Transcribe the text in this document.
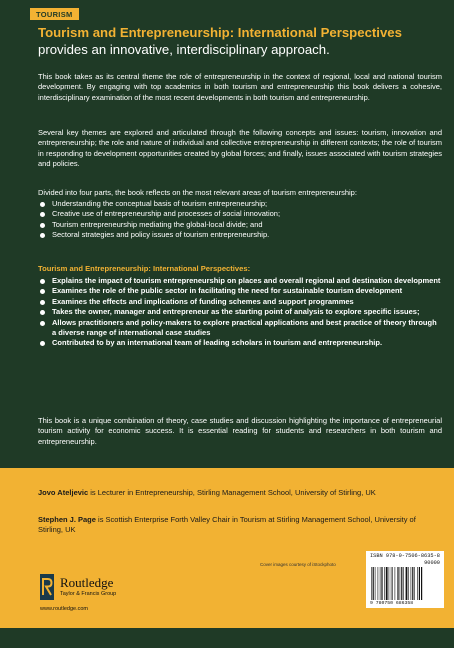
TOURISM
Tourism and Entrepreneurship: International Perspectives provides an innovative, interdisciplinary approach.
This book takes as its central theme the role of entrepreneurship in the context of regional, local and national tourism development. By engaging with top academics in both tourism and entrepreneurship this book delivers a cohesive, interdisciplinary examination of the most recent developments in both tourism and entrepreneurship.
Several key themes are explored and articulated through the following concepts and issues: tourism, innovation and entrepreneurship; the role and nature of individual and collective entrepreneurship in different contexts; the role of tourism in responding to development opportunities created by global forces; and finally, issues associated with tourism strategies and policies.
Divided into four parts, the book reflects on the most relevant areas of tourism entrepreneurship:
Understanding the conceptual basis of tourism entrepreneurship;
Creative use of entrepreneurship and processes of social innovation;
Tourism entrepreneurship mediating the global-local divide; and
Sectoral strategies and policy issues of tourism entrepreneurship.
Tourism and Entrepreneurship: International Perspectives:
Explains the impact of tourism entrepreneurship on places and overall regional and destination development
Examines the role of the public sector in facilitating the need for sustainable tourism development
Examines the effects and implications of funding schemes and support programmes
Takes the owner, manager and entrepreneur as the starting point of analysis to explore specific issues;
Allows practitioners and policy-makers to explore practical applications and best practice of theory through a diverse range of international case studies
Contributed to by an international team of leading scholars in tourism and entrepreneurship.
This book is a unique combination of theory, case studies and discussion highlighting the importance of entrepreneurial tourism activity for economic success. It is essential reading for students and researchers in both tourism and entrepreneurship.
Jovo Ateljevic is Lecturer in Entrepreneurship, Stirling Management School, University of Stirling, UK
Stephen J. Page is Scottish Enterprise Forth Valley Chair in Tourism at Stirling Management School, University of Stirling, UK
Routledge
Taylor & Francis Group
www.routledge.com
Cover images courtesy of iStockphoto
ISBN 978-0-7506-8635-8
90000
9 780750 686358
